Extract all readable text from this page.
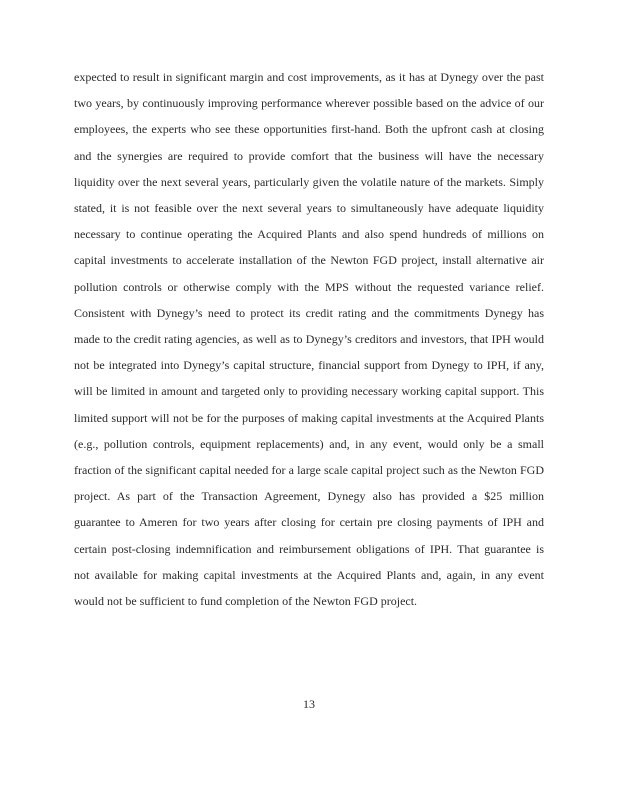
expected to result in significant margin and cost improvements, as it has at Dynegy over the past
two years, by continuously improving performance wherever possible based on the advice of our
employees, the experts who see these opportunities first-hand. Both the upfront cash at closing
and the synergies are required to provide comfort that the business will have the necessary
liquidity over the next several years, particularly given the volatile nature of the markets. Simply
stated, it is not feasible over the next several years to simultaneously have adequate liquidity
necessary to continue operating the Acquired Plants and also spend hundreds of millions on
capital investments to accelerate installation of the Newton FGD project, install alternative air
pollution controls or otherwise comply with the MPS without the requested variance relief.
Consistent with Dynegy’s need to protect its credit rating and the commitments Dynegy has
made to the credit rating agencies, as well as to Dynegy’s creditors and investors, that IPH would
not be integrated into Dynegy’s capital structure, financial support from Dynegy to IPH, if any,
will be limited in amount and targeted only to providing necessary working capital support. This
limited support will not be for the purposes of making capital investments at the Acquired Plants
(e.g., pollution controls, equipment replacements) and, in any event, would only be a small
fraction of the significant capital needed for a large scale capital project such as the Newton FGD
project. As part of the Transaction Agreement, Dynegy also has provided a $25 million
guarantee to Ameren for two years after closing for certain pre closing payments of IPH and
certain post-closing indemnification and reimbursement obligations of IPH. That guarantee is
not available for making capital investments at the Acquired Plants and, again, in any event
would not be sufficient to fund completion of the Newton FGD project.
13
